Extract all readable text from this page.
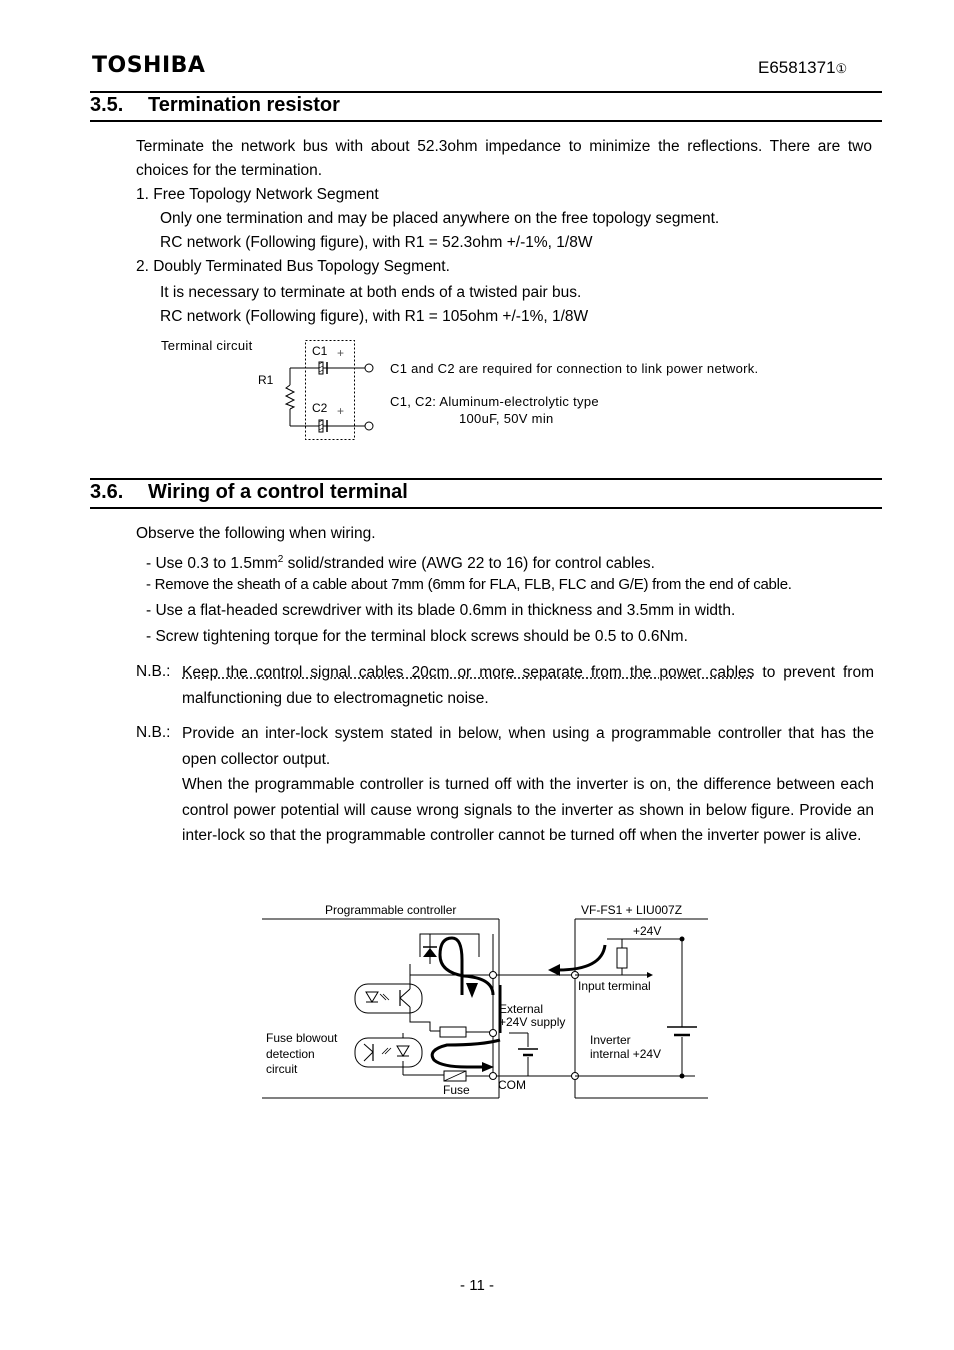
TOSHIBA	E6581371①
3.5. Termination resistor
Terminate the network bus with about 52.3ohm impedance to minimize the reflections. There are two choices for the termination.
1. Free Topology Network Segment
Only one termination and may be placed anywhere on the free topology segment.
RC network (Following figure), with R1 = 52.3ohm +/-1%, 1/8W
2. Doubly Terminated Bus Topology Segment.
It is necessary to terminate at both ends of a twisted pair bus.
RC network (Following figure), with R1 = 105ohm +/-1%, 1/8W
Terminal circuit
R1
C1
C2
+
+
C1 and C2 are required for connection to link power network.
C1, C2: Aluminum-electrolytic type
100uF, 50V min
3.6. Wiring of a control terminal
Observe the following when wiring.
- Use 0.3 to $1.5mm^2$ solid/stranded wire (AWG 22 to 16) for control cables.
- Remove the sheath of a cable about 7mm (6mm for FLA, FLB, FLC and G/E) from the end of cable.
- Use a flat-headed screwdriver with its blade 0.6mm in thickness and 3.5mm in width.
- Screw tightening torque for the terminal block screws should be 0.5 to 0.6Nm.
N.B.: Keep the control signal cables 20cm or more separate from the power cables to prevent from malfunctioning due to electromagnetic noise.
N.B.: Provide an inter-lock system stated in below, when using a programmable controller that has the open collector output.
When the programmable controller is turned off with the inverter is on, the difference between each control power potential will cause wrong signals to the inverter as shown in below figure. Provide an inter-lock so that the programmable controller cannot be turned off when the inverter power is alive.
Programmable controller	VF-FS1 + LIU007Z
+24V
Input terminal
External
+24V supply
Fuse blowout
detection
circuit
Inverter
internal +24V
Fuse COM
- 11 -
